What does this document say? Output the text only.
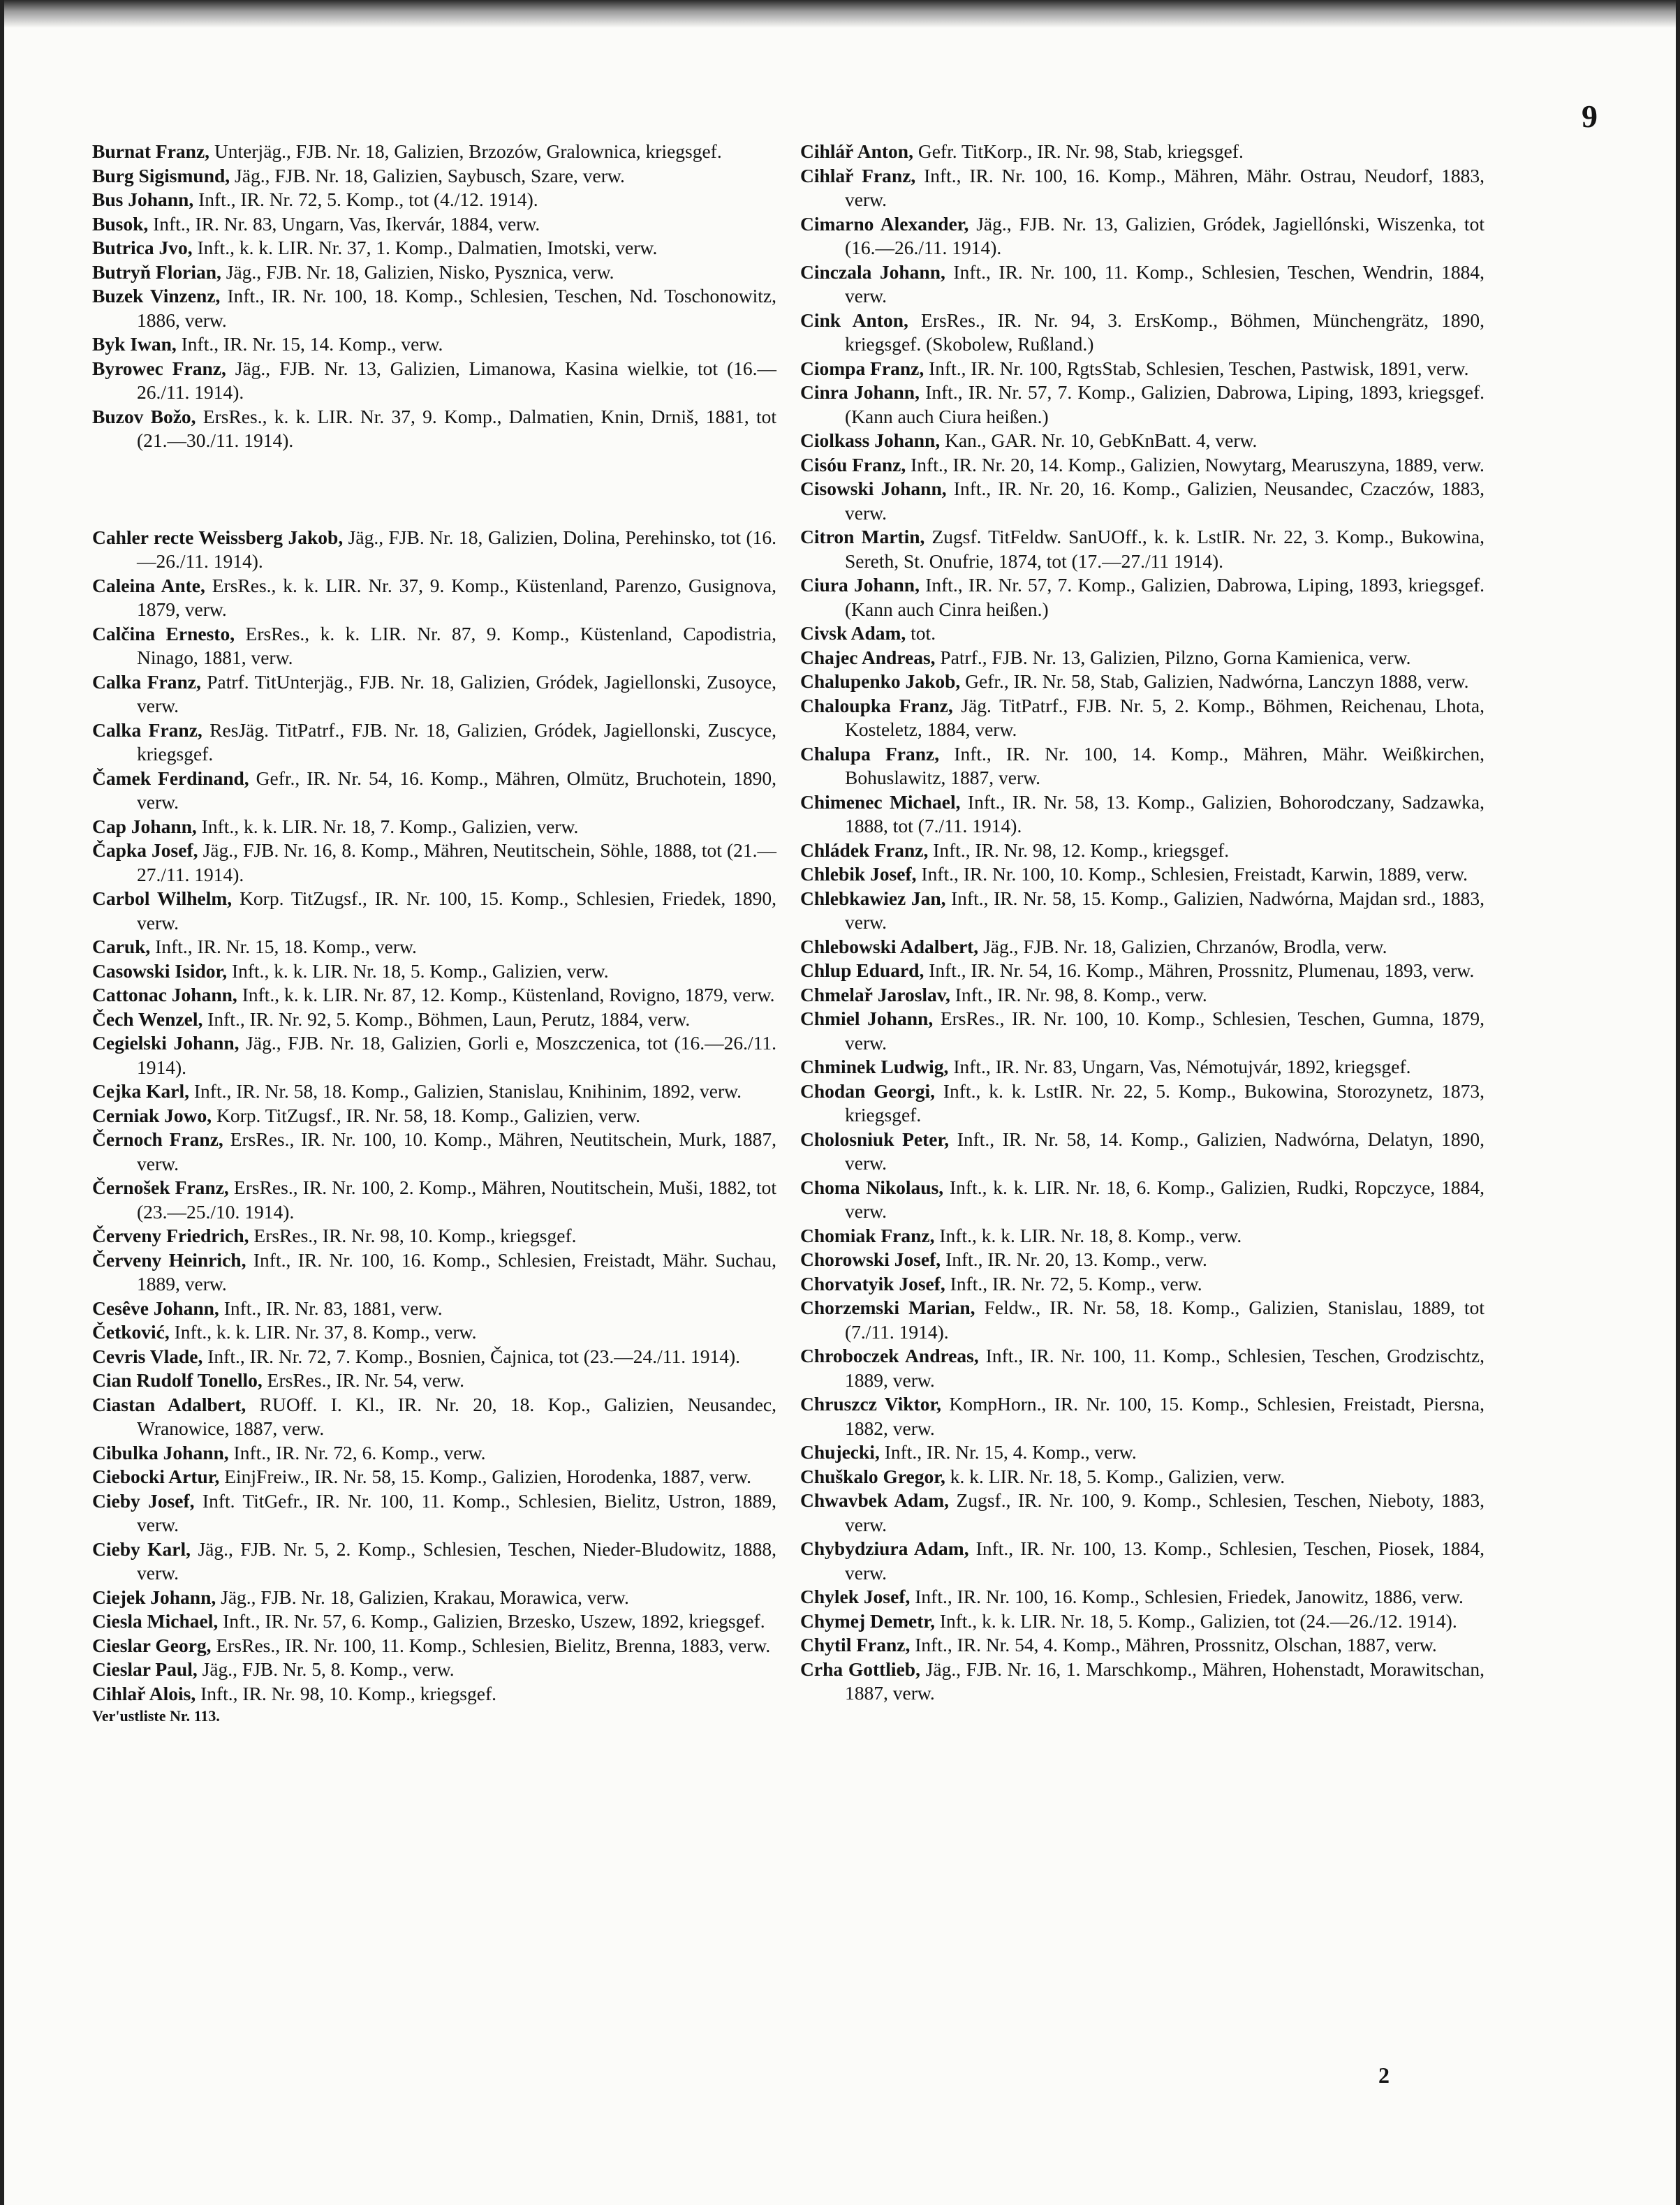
9
Burnat Franz, Unterjäg., FJB. Nr. 18, Galizien, Brzozów, Gralownica, kriegsgef.
Burg Sigismund, Jäg., FJB. Nr. 18, Galizien, Saybusch, Szare, verw.
Bus Johann, Inft., IR. Nr. 72, 5. Komp., tot (4./12. 1914).
Busok, Inft., IR. Nr. 83, Ungarn, Vas, Ikervár, 1884, verw.
Butrica Jvo, Inft., k. k. LIR. Nr. 37, 1. Komp., Dalmatien, Imotski, verw.
Butryň Florian, Jäg., FJB. Nr. 18, Galizien, Nisko, Pysznica, verw.
Buzek Vinzenz, Inft., IR. Nr. 100, 18. Komp., Schlesien, Teschen, Nd. Toschonowitz, 1886, verw.
Byk Iwan, Inft., IR. Nr. 15, 14. Komp., verw.
Byrowec Franz, Jäg., FJB. Nr. 13, Galizien, Limanowa, Kasina wielkie, tot (16.—26./11. 1914).
Buzov Božo, ErsRes., k. k. LIR. Nr. 37, 9. Komp., Dalmatien, Knin, Drniš, 1881, tot (21.—30./11. 1914).
Cahler recte Weissberg Jakob, Jäg., FJB. Nr. 18, Galizien, Dolina, Perehinsko, tot (16.—26./11. 1914).
Caleina Ante, ErsRes., k. k. LIR. Nr. 37, 9. Komp., Küstenland, Parenzo, Gusignova, 1879, verw.
Calčina Ernesto, ErsRes., k. k. LIR. Nr. 87, 9. Komp., Küstenland, Capodistria, Ninago, 1881, verw.
Calka Franz, Patrf. TitUnterjäg., FJB. Nr. 18, Galizien, Gródek, Jagiellonski, Zusoyce, verw.
Calka Franz, ResJäg. TitPatrf., FJB. Nr. 18, Galizien, Gródek, Jagiellonski, Zuscyce, kriegsgef.
Čamek Ferdinand, Gefr., IR. Nr. 54, 16. Komp., Mähren, Olmütz, Bruchotein, 1890, verw.
Cap Johann, Inft., k. k. LIR. Nr. 18, 7. Komp., Galizien, verw.
Čapka Josef, Jäg., FJB. Nr. 16, 8. Komp., Mähren, Neutitschein, Söhle, 1888, tot (21.—27./11. 1914).
Carbol Wilhelm, Korp. TitZugsf., IR. Nr. 100, 15. Komp., Schlesien, Friedek, 1890, verw.
Caruk, Inft., IR. Nr. 15, 18. Komp., verw.
Casowski Isidor, Inft., k. k. LIR. Nr. 18, 5. Komp., Galizien, verw.
Cattonac Johann, Inft., k. k. LIR. Nr. 87, 12. Komp., Küstenland, Rovigno, 1879, verw.
Čech Wenzel, Inft., IR. Nr. 92, 5. Komp., Böhmen, Laun, Perutz, 1884, verw.
Cegielski Johann, Jäg., FJB. Nr. 18, Galizien, Gorli e, Moszczenica, tot (16.—26./11. 1914).
Cejka Karl, Inft., IR. Nr. 58, 18. Komp., Galizien, Stanislau, Knihinim, 1892, verw.
Cerniak Jowo, Korp. TitZugsf., IR. Nr. 58, 18. Komp., Galizien, verw.
Černoch Franz, ErsRes., IR. Nr. 100, 10. Komp., Mähren, Neutitschein, Murk, 1887, verw.
Černošek Franz, ErsRes., IR. Nr. 100, 2. Komp., Mähren, Noutitschein, Muši, 1882, tot (23.—25./10. 1914).
Červeny Friedrich, ErsRes., IR. Nr. 98, 10. Komp., kriegsgef.
Červeny Heinrich, Inft., IR. Nr. 100, 16. Komp., Schlesien, Freistadt, Mähr. Suchau, 1889, verw.
Cesêve Johann, Inft., IR. Nr. 83, 1881, verw.
Četković, Inft., k. k. LIR. Nr. 37, 8. Komp., verw.
Cevris Vlade, Inft., IR. Nr. 72, 7. Komp., Bosnien, Čajnica, tot (23.—24./11. 1914).
Cian Rudolf Tonello, ErsRes., IR. Nr. 54, verw.
Ciastan Adalbert, RUOff. I. Kl., IR. Nr. 20, 18. Kop., Galizien, Neusandec, Wranowice, 1887, verw.
Cibulka Johann, Inft., IR. Nr. 72, 6. Komp., verw.
Ciebocki Artur, EinjFreiw., IR. Nr. 58, 15. Komp., Galizien, Horodenka, 1887, verw.
Cieby Josef, Inft. TitGefr., IR. Nr. 100, 11. Komp., Schlesien, Bielitz, Ustron, 1889, verw.
Cieby Karl, Jäg., FJB. Nr. 5, 2. Komp., Schlesien, Teschen, Nieder-Bludowitz, 1888, verw.
Ciejek Johann, Jäg., FJB. Nr. 18, Galizien, Krakau, Morawica, verw.
Ciesla Michael, Inft., IR. Nr. 57, 6. Komp., Galizien, Brzesko, Uszew, 1892, kriegsgef.
Cieslar Georg, ErsRes., IR. Nr. 100, 11. Komp., Schlesien, Bielitz, Brenna, 1883, verw.
Cieslar Paul, Jäg., FJB. Nr. 5, 8. Komp., verw.
Cihlař Alois, Inft., IR. Nr. 98, 10. Komp., kriegsgef.
Ver'ustliste Nr. 113.
Cihlář Anton, Gefr. TitKorp., IR. Nr. 98, Stab, kriegsgef.
Cihlař Franz, Inft., IR. Nr. 100, 16. Komp., Mähren, Mähr. Ostrau, Neudorf, 1883, verw.
Cimarno Alexander, Jäg., FJB. Nr. 13, Galizien, Gródek, Jagiellónski, Wiszenka, tot (16.—26./11. 1914).
Cinczala Johann, Inft., IR. Nr. 100, 11. Komp., Schlesien, Teschen, Wendrin, 1884, verw.
Cink Anton, ErsRes., IR. Nr. 94, 3. ErsKomp., Böhmen, Münchengrätz, 1890, kriegsgef. (Skobolew, Rußland.)
Ciompa Franz, Inft., IR. Nr. 100, RgtsStab, Schlesien, Teschen, Pastwisk, 1891, verw.
Cinra Johann, Inft., IR. Nr. 57, 7. Komp., Galizien, Dabrowa, Liping, 1893, kriegsgef. (Kann auch Ciura heißen.)
Ciolkass Johann, Kan., GAR. Nr. 10, GebKnBatt. 4, verw.
Cisóu Franz, Inft., IR. Nr. 20, 14. Komp., Galizien, Nowytarg, Mearuszyna, 1889, verw.
Cisowski Johann, Inft., IR. Nr. 20, 16. Komp., Galizien, Neusandec, Czaczów, 1883, verw.
Citron Martin, Zugsf. TitFeldw. SanUOff., k. k. LstIR. Nr. 22, 3. Komp., Bukowina, Sereth, St. Onufrie, 1874, tot (17.—27./11 1914).
Ciura Johann, Inft., IR. Nr. 57, 7. Komp., Galizien, Dabrowa, Liping, 1893, kriegsgef. (Kann auch Cinra heißen.)
Civsk Adam, tot.
Chajec Andreas, Patrf., FJB. Nr. 13, Galizien, Pilzno, Gorna Kamienica, verw.
Chalupenko Jakob, Gefr., IR. Nr. 58, Stab, Galizien, Nadwórna, Lanczyn 1888, verw.
Chaloupka Franz, Jäg. TitPatrf., FJB. Nr. 5, 2. Komp., Böhmen, Reichenau, Lhota, Kosteletz, 1884, verw.
Chalupa Franz, Inft., IR. Nr. 100, 14. Komp., Mähren, Mähr. Weißkirchen, Bohuslawitz, 1887, verw.
Chimenec Michael, Inft., IR. Nr. 58, 13. Komp., Galizien, Bohorodczany, Sadzawka, 1888, tot (7./11. 1914).
Chládek Franz, Inft., IR. Nr. 98, 12. Komp., kriegsgef.
Chlebik Josef, Inft., IR. Nr. 100, 10. Komp., Schlesien, Freistadt, Karwin, 1889, verw.
Chlebkawiez Jan, Inft., IR. Nr. 58, 15. Komp., Galizien, Nadwórna, Majdan srd., 1883, verw.
Chlebowski Adalbert, Jäg., FJB. Nr. 18, Galizien, Chrzanów, Brodla, verw.
Chlup Eduard, Inft., IR. Nr. 54, 16. Komp., Mähren, Prossnitz, Plumenau, 1893, verw.
Chmelař Jaroslav, Inft., IR. Nr. 98, 8. Komp., verw.
Chmiel Johann, ErsRes., IR. Nr. 100, 10. Komp., Schlesien, Teschen, Gumna, 1879, verw.
Chminek Ludwig, Inft., IR. Nr. 83, Ungarn, Vas, Némotujvár, 1892, kriegsgef.
Chodan Georgi, Inft., k. k. LstIR. Nr. 22, 5. Komp., Bukowina, Storozynetz, 1873, kriegsgef.
Cholosniuk Peter, Inft., IR. Nr. 58, 14. Komp., Galizien, Nadwórna, Delatyn, 1890, verw.
Choma Nikolaus, Inft., k. k. LIR. Nr. 18, 6. Komp., Galizien, Rudki, Ropczyce, 1884, verw.
Chomiak Franz, Inft., k. k. LIR. Nr. 18, 8. Komp., verw.
Chorowski Josef, Inft., IR. Nr. 20, 13. Komp., verw.
Chorvatyik Josef, Inft., IR. Nr. 72, 5. Komp., verw.
Chorzemski Marian, Feldw., IR. Nr. 58, 18. Komp., Galizien, Stanislau, 1889, tot (7./11. 1914).
Chroboczek Andreas, Inft., IR. Nr. 100, 11. Komp., Schlesien, Teschen, Grodzischtz, 1889, verw.
Chruszcz Viktor, KompHorn., IR. Nr. 100, 15. Komp., Schlesien, Freistadt, Piersna, 1882, verw.
Chujecki, Inft., IR. Nr. 15, 4. Komp., verw.
Chuškalo Gregor, k. k. LIR. Nr. 18, 5. Komp., Galizien, verw.
Chwavbek Adam, Zugsf., IR. Nr. 100, 9. Komp., Schlesien, Teschen, Nieboty, 1883, verw.
Chybydziura Adam, Inft., IR. Nr. 100, 13. Komp., Schlesien, Teschen, Piosek, 1884, verw.
Chylek Josef, Inft., IR. Nr. 100, 16. Komp., Schlesien, Friedek, Janowitz, 1886, verw.
Chymej Demetr, Inft., k. k. LIR. Nr. 18, 5. Komp., Galizien, tot (24.—26./12. 1914).
Chytil Franz, Inft., IR. Nr. 54, 4. Komp., Mähren, Prossnitz, Olschan, 1887, verw.
Crha Gottlieb, Jäg., FJB. Nr. 16, 1. Marschkomp., Mähren, Hohenstadt, Morawitschan, 1887, verw.
2
